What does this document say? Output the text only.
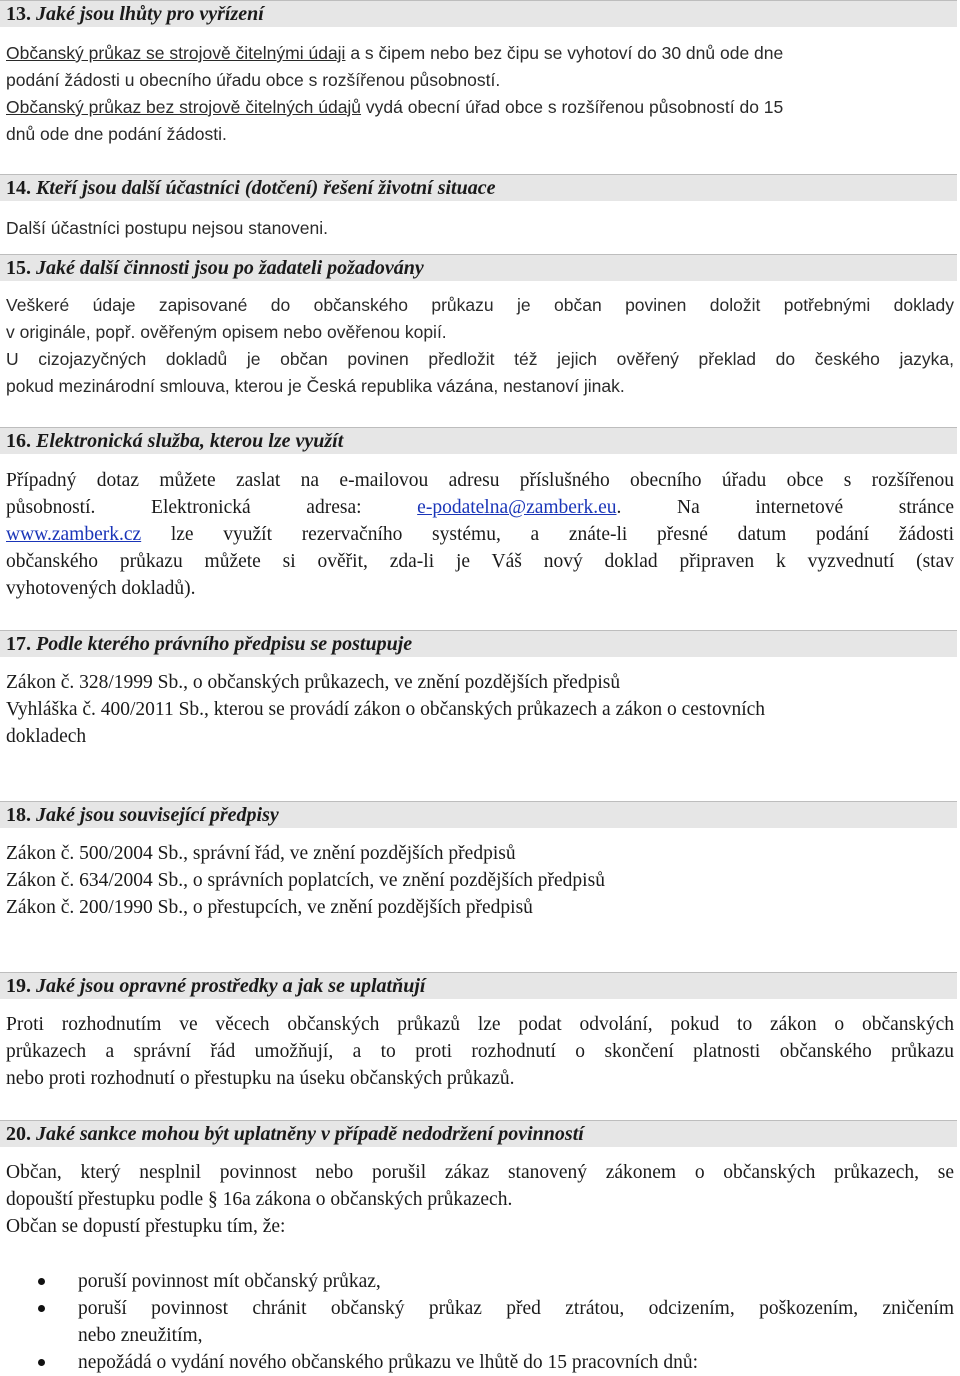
13. Jaké jsou lhůty pro vyřízení
Občanský průkaz se strojově čitelnými údaji a s čipem nebo bez čipu se vyhotoví do 30 dnů ode dne
podání žádosti u obecního úřadu obce s rozšířenou působností.
Občanský průkaz bez strojově čitelných údajů vydá obecní úřad obce s rozšířenou působností do 15
dnů ode dne podání žádosti.
14. Kteří jsou další účastníci (dotčení) řešení životní situace
Další účastníci postupu nejsou stanoveni.
15. Jaké další činnosti jsou po žadateli požadovány
Veškeré údaje zapisované do občanského průkazu je občan povinen doložit potřebnými doklady
v originále, popř. ověřeným opisem nebo ověřenou kopií.
U cizojazyčných dokladů je občan povinen předložit též jejich ověřený překlad do českého jazyka,
pokud mezinárodní smlouva, kterou je Česká republika vázána, nestanoví jinak.
16. Elektronická služba, kterou lze využít
Případný dotaz můžete zaslat na e-mailovou adresu příslušného obecního úřadu obce s rozšířenou
působností. Elektronická adresa: e-podatelna@zamberk.eu. Na internetové stránce
www.zamberk.cz lze využít rezervačního systému, a znáte-li přesné datum podání žádosti
občanského průkazu můžete si ověřit, zda-li je Váš nový doklad připraven k vyzvednutí (stav
vyhotovených dokladů).
17. Podle kterého právního předpisu se postupuje
Zákon č. 328/1999 Sb., o občanských průkazech, ve znění pozdějších předpisů
Vyhláška č. 400/2011 Sb., kterou se provádí zákon o občanských průkazech a zákon o cestovních
dokladech
18. Jaké jsou související předpisy
Zákon č. 500/2004 Sb., správní řád, ve znění pozdějších předpisů
Zákon č. 634/2004 Sb., o správních poplatcích, ve znění pozdějších předpisů
Zákon č. 200/1990 Sb., o přestupcích, ve znění pozdějších předpisů
19. Jaké jsou opravné prostředky a jak se uplatňují
Proti rozhodnutím ve věcech občanských průkazů lze podat odvolání, pokud to zákon o občanských
průkazech a správní řád umožňují, a to proti rozhodnutí o skončení platnosti občanského průkazu
nebo proti rozhodnutí o přestupku na úseku občanských průkazů.
20. Jaké sankce mohou být uplatněny v případě nedodržení povinností
Občan, který nesplnil povinnost nebo porušil zákaz stanovený zákonem o občanských průkazech, se
dopouští přestupku podle § 16a zákona o občanských průkazech.
Občan se dopustí přestupku tím, že:
poruší povinnost mít občanský průkaz,
poruší povinnost chránit občanský průkaz před ztrátou, odcizením, poškozením, zničením
nebo zneužitím,
nepožádá o vydání nového občanského průkazu ve lhůtě do 15 pracovních dnů:
